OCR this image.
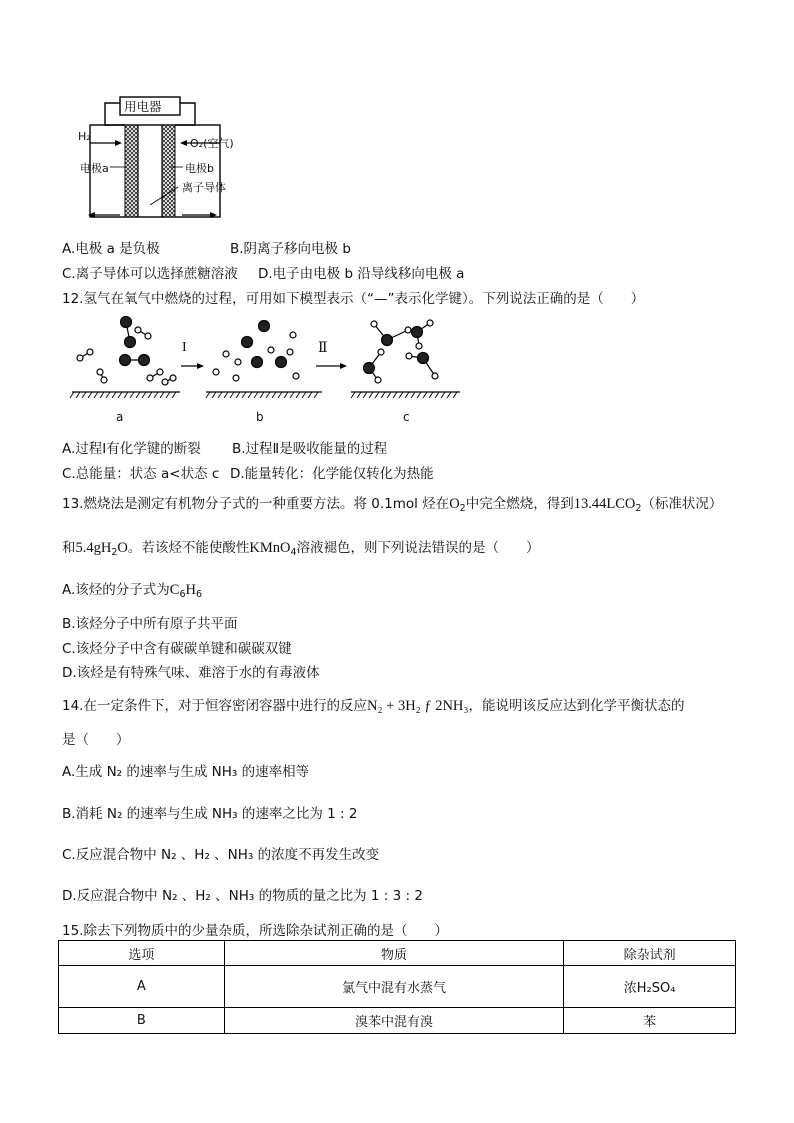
用电器
H₂
O₂(空气)
电极a	电极b
离子导体
A.电极 a 是负极	B.阴离子移向电极 b
C.离子导体可以选择蔗糖溶液 D.电子由电极 b 沿导线移向电极 a
12.氢气在氧气中燃烧的过程，可用如下模型表示（“—”表示化学键）。下列说法正确的是（　　）
I	Ⅱ
a	b	c
A.过程Ⅰ有化学键的断裂 B.过程Ⅱ是吸收能量的过程
C.总能量：状态 a<状态 c D.能量转化：化学能仅转化为热能
13.燃烧法是测定有机物分子式的一种重要方法。将 0.1mol 烃在$O_2$中完全燃烧，得到$13.44LCO_2$（标准状况）
和$5.4gH_2O$。若该烃不能使酸性KMnO$_4$溶液褪色，则下列说法错误的是（　　）
A.该烃的分子式为$C_6H_6$
B.该烃分子中所有原子共平面
C.该烃分子中含有碳碳单键和碳碳双键
D.该烃是有特殊气味、难溶于水的有毒液体
14.在一定条件下，对于恒容密闭容器中进行的反应N₂ + 3H₂ ƒ 2NH₃，能说明该反应达到化学平衡状态的
是（　　）
A.生成 N₂ 的速率与生成 NH₃ 的速率相等
B.消耗 N₂ 的速率与生成 NH₃ 的速率之比为 1 : 2
C.反应混合物中 N₂ 、H₂ 、NH₃ 的浓度不再发生改变
D.反应混合物中 N₂ 、H₂ 、NH₃ 的物质的量之比为 1 : 3 : 2
15.除去下列物质中的少量杂质，所选除杂试剂正确的是（　　）
选项	物质	除杂试剂
A	氯气中混有水蒸气	浓H₂SO₄
B	溴苯中混有溴	苯
